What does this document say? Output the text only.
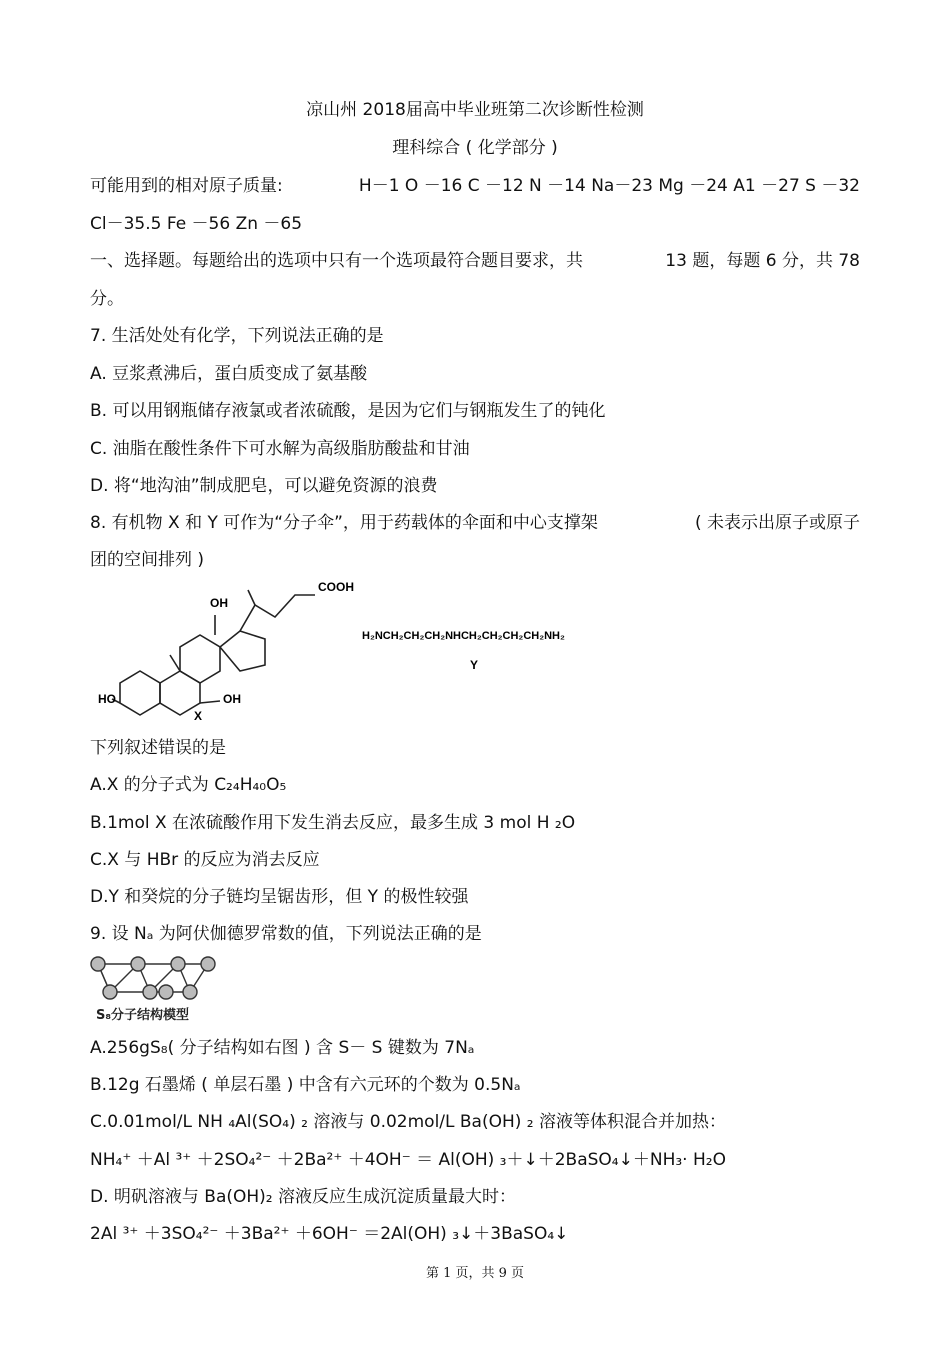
凉山州 2018届高中毕业班第二次诊断性检测
理科综合 ( 化学部分 )
可能用到的相对原子质量:	H－1 O －16 C －12 N －14 Na－23 Mg －24 A1 －27 S －32
Cl－35.5 Fe －56 Zn －65
一、选择题。每题给出的选项中只有一个选项最符合题目要求，共	13 题，每题 6 分，共 78
分。
7. 生活处处有化学，下列说法正确的是
A. 豆浆煮沸后，蛋白质变成了氨基酸
B. 可以用钢瓶储存液氯或者浓硫酸，是因为它们与钢瓶发生了的钝化
C. 油脂在酸性条件下可水解为高级脂肪酸盐和甘油
D. 将“地沟油”制成肥皂，可以避免资源的浪费
8. 有机物 X 和 Y 可作为“分子伞”，用于药载体的伞面和中心支撑架	( 未表示出原子或原子
团的空间排列 )
COOH
OH
HO	OH
X
H₂NCH₂CH₂CH₂NHCH₂CH₂CH₂CH₂NH₂
Y
下列叙述错误的是
A.X 的分子式为 C₂₄H₄₀O₅
B.1mol X 在浓硫酸作用下发生消去反应，最多生成 3 mol H ₂O
C.X 与 HBr 的反应为消去反应
D.Y 和癸烷的分子链均呈锯齿形，但 Y 的极性较强
9. 设 Nₐ 为阿伏伽德罗常数的值，下列说法正确的是
S₈分子结构模型
A.256gS₈( 分子结构如右图 ) 含 S－ S 键数为 7Nₐ
B.12g 石墨烯 ( 单层石墨 ) 中含有六元环的个数为 0.5Nₐ
C.0.01mol/L NH ₄Al(SO₄) ₂ 溶液与 0.02mol/L Ba(OH) ₂ 溶液等体积混合并加热：
NH₄⁺ ＋Al ³⁺ ＋2SO₄²⁻ ＋2Ba²⁺ ＋4OH⁻ ＝ Al(OH) ₃＋↓＋2BaSO₄↓＋NH₃· H₂O
D. 明矾溶液与 Ba(OH)₂ 溶液反应生成沉淀质量最大时：
2Al ³⁺ ＋3SO₄²⁻ ＋3Ba²⁺ ＋6OH⁻ ＝2Al(OH) ₃↓＋3BaSO₄↓
第 1 页，共 9 页
